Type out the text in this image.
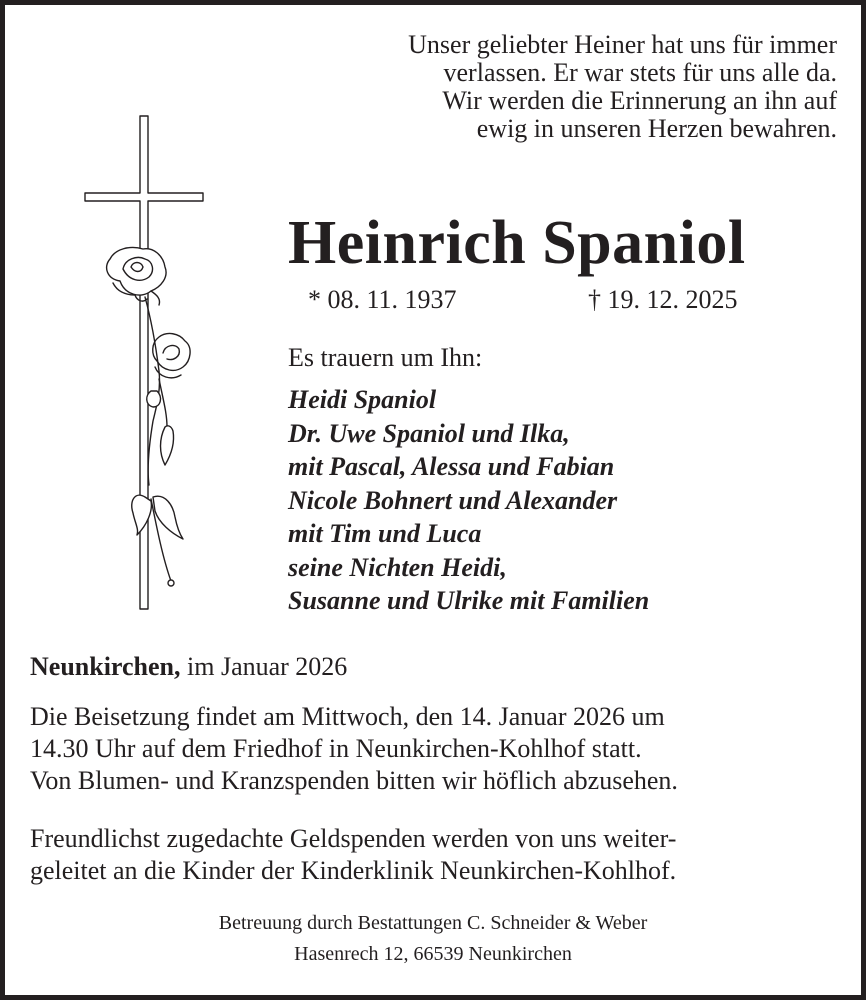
Unser geliebter Heiner hat uns für immer
verlassen. Er war stets für uns alle da.
Wir werden die Erinnerung an ihn auf
ewig in unseren Herzen bewahren.
Heinrich Spaniol
* 08. 11. 1937	† 19. 12. 2025
Es trauern um Ihn:
Heidi Spaniol
Dr. Uwe Spaniol und Ilka,
mit Pascal, Alessa und Fabian
Nicole Bohnert und Alexander
mit Tim und Luca
seine Nichten Heidi,
Susanne und Ulrike mit Familien
Neunkirchen, im Januar 2026
Die Beisetzung findet am Mittwoch, den 14. Januar 2026 um
14.30 Uhr auf dem Friedhof in Neunkirchen-Kohlhof statt.
Von Blumen- und Kranzspenden bitten wir höflich abzusehen.
Freundlichst zugedachte Geldspenden werden von uns weiter-
geleitet an die Kinder der Kinderklinik Neunkirchen-Kohlhof.
Betreuung durch Bestattungen C. Schneider & Weber
Hasenrech 12, 66539 Neunkirchen
